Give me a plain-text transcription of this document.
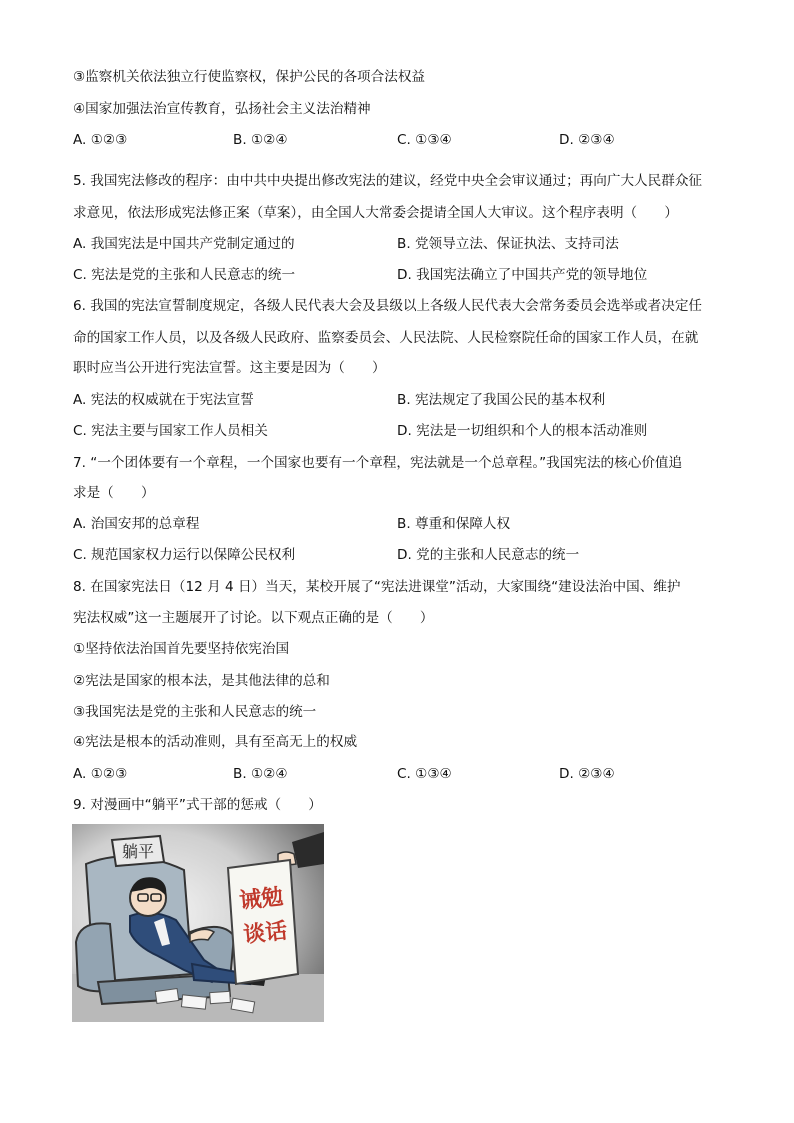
③监察机关依法独立行使监察权，保护公民的各项合法权益
④国家加强法治宣传教育，弘扬社会主义法治精神
A. ①②③	B. ①②④	C. ①③④	D. ②③④
5. 我国宪法修改的程序：由中共中央提出修改宪法的建议，经党中央全会审议通过；再向广大人民群众征
求意见，依法形成宪法修正案（草案），由全国人大常委会提请全国人大审议。这个程序表明（　　）
A. 我国宪法是中国共产党制定通过的	B. 党领导立法、保证执法、支持司法
C. 宪法是党的主张和人民意志的统一	D. 我国宪法确立了中国共产党的领导地位
6. 我国的宪法宣誓制度规定，各级人民代表大会及县级以上各级人民代表大会常务委员会选举或者决定任
命的国家工作人员，以及各级人民政府、监察委员会、人民法院、人民检察院任命的国家工作人员，在就
职时应当公开进行宪法宣誓。这主要是因为（　　）
A. 宪法的权威就在于宪法宣誓	B. 宪法规定了我国公民的基本权利
C. 宪法主要与国家工作人员相关	D. 宪法是一切组织和个人的根本活动准则
7. “一个团体要有一个章程，一个国家也要有一个章程，宪法就是一个总章程。”我国宪法的核心价值追
求是（　　）
A. 治国安邦的总章程	B. 尊重和保障人权
C. 规范国家权力运行以保障公民权利	D. 党的主张和人民意志的统一
8. 在国家宪法日（12 月 4 日）当天，某校开展了“宪法进课堂”活动，大家围绕“建设法治中国、维护
宪法权威”这一主题展开了讨论。以下观点正确的是（　　）
①坚持依法治国首先要坚持依宪治国
②宪法是国家的根本法，是其他法律的总和
③我国宪法是党的主张和人民意志的统一
④宪法是根本的活动准则，具有至高无上的权威
A. ①②③	B. ①②④	C. ①③④	D. ②③④
9. 对漫画中“躺平”式干部的惩戒（　　）
躺平
诫勉
谈话
